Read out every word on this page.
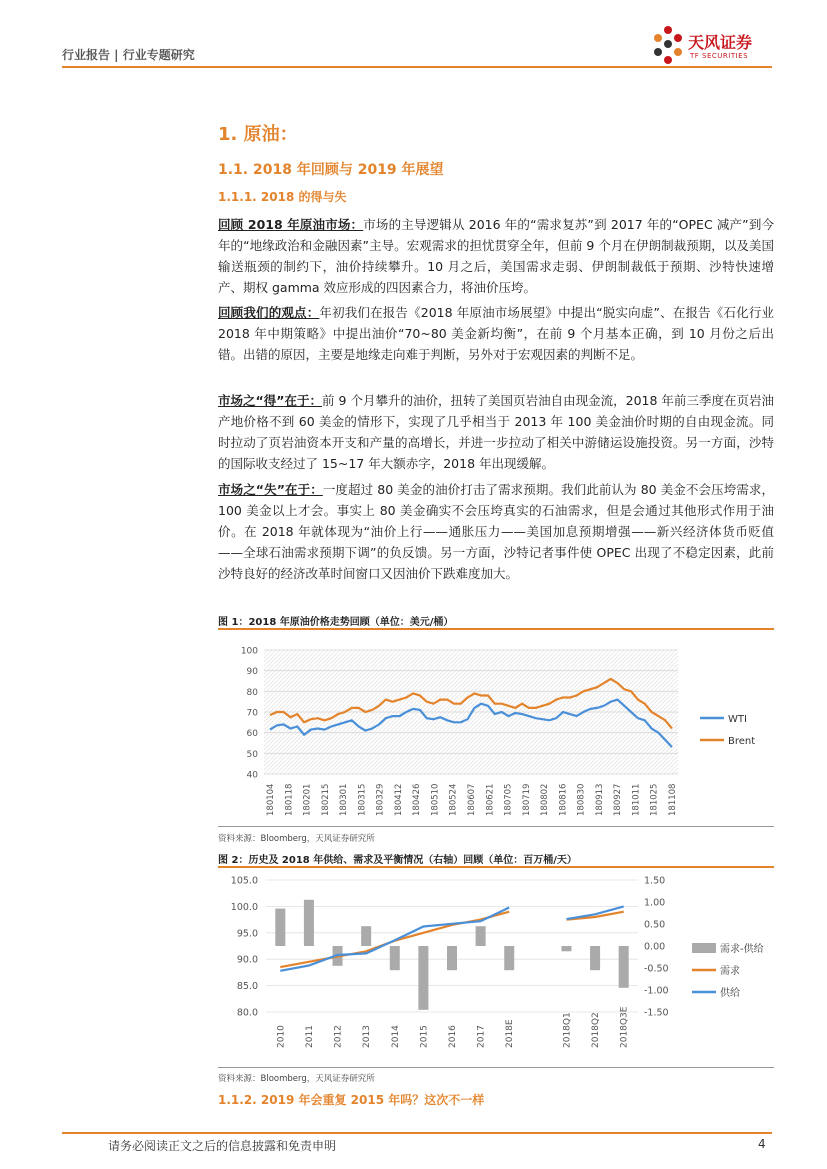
行业报告 | 行业专题研究
天风证券
TF SECURITIES
1. 原油：
1.1. 2018 年回顾与 2019 年展望
1.1.1. 2018 的得与失
回顾 2018 年原油市场：市场的主导逻辑从 2016 年的“需求复苏”到 2017 年的“OPEC 减产”到今年的“地缘政治和金融因素”主导。宏观需求的担忧贯穿全年，但前 9 个月在伊朗制裁预期，以及美国输送瓶颈的制约下，油价持续攀升。10 月之后，美国需求走弱、伊朗制裁低于预期、沙特快速增产、期权 gamma 效应形成的四因素合力，将油价压垮。
回顾我们的观点：年初我们在报告《2018 年原油市场展望》中提出“脱实向虚”、在报告《石化行业 2018 年中期策略》中提出油价“70~80 美金新均衡”，在前 9 个月基本正确，到 10 月份之后出错。出错的原因，主要是地缘走向难于判断，另外对于宏观因素的判断不足。
市场之“得”在于：前 9 个月攀升的油价，扭转了美国页岩油自由现金流，2018 年前三季度在页岩油产地价格不到 60 美金的情形下，实现了几乎相当于 2013 年 100 美金油价时期的自由现金流。同时拉动了页岩油资本开支和产量的高增长，并进一步拉动了相关中游储运设施投资。另一方面，沙特的国际收支经过了 15~17 年大额赤字，2018 年出现缓解。
市场之“失”在于：一度超过 80 美金的油价打击了需求预期。我们此前认为 80 美金不会压垮需求，100 美金以上才会。事实上 80 美金确实不会压垮真实的石油需求，但是会通过其他形式作用于油价。在 2018 年就体现为“油价上行——通胀压力——美国加息预期增强——新兴经济体货币贬值——全球石油需求预期下调”的负反馈。另一方面，沙特记者事件使 OPEC 出现了不稳定因素，此前沙特良好的经济改革时间窗口又因油价下跌难度加大。
图 1：2018 年原油价格走势回顾（单位：美元/桶）
40
50
60
70
80
90
100
180104 180118 180201 180215 180301 180315 180329 180412 180426 180510 180524 180607 180621 180705 180719 180802 180816 180830 180913 180927 181011 181025 181108
WTI
Brent
资料来源：Bloomberg，天风证券研究所
图 2：历史及 2018 年供给、需求及平衡情况（右轴）回顾（单位：百万桶/天）
80.0
85.0
90.0
95.0
100.0
105.0
-1.50
-1.00
-0.50
0.00
0.50
1.00
1.50
2010 2011 2012 2013 2014 2015 2016 2017 2018E	2018Q1 2018Q2 2018Q3E
需求-供给
需求
供给
资料来源：Bloomberg，天风证券研究所
1.1.2. 2019 年会重复 2015 年吗？这次不一样
请务必阅读正文之后的信息披露和免责申明	4
